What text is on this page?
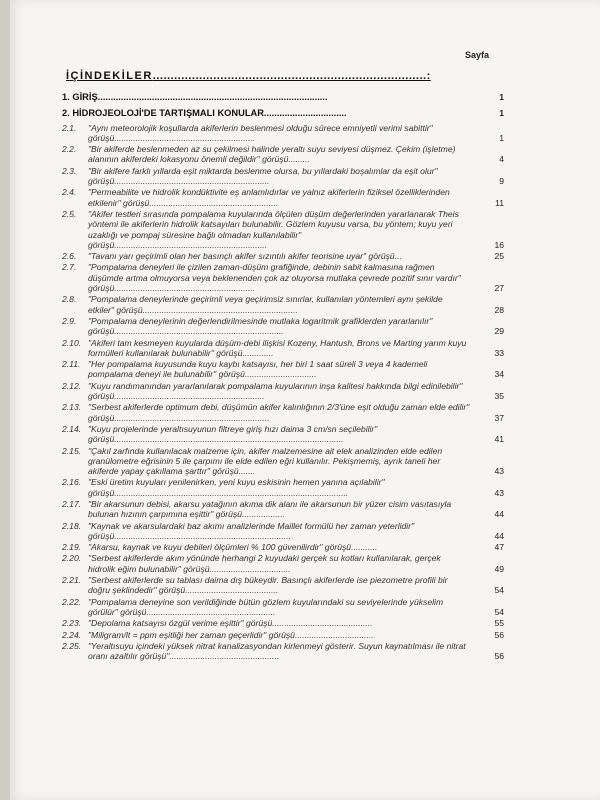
Sayfa
İÇİNDEKİLER.............................................................................:
1. GİRİŞ.........................................................................................	1
2. HİDROJEOLOJİ'DE TARTIŞMALI KONULAR................................	1
2.1.	"Aynı meteorolojik koşullarda akiferlerin beslenmesi olduğu sürece emniyetli verimi sabittir" görüşü...........................................................	1
2.2.	"Bir akiferde beslenmeden az su çekilmesi halinde yeraltı suyu seviyesi düşmez. Çekim (işletme) alanının akiferdeki lokasyonu önemli değildir" görüşü.........	4
2.3.	"Bir akifere farklı yıllarda eşit miktarda beslenme olursa, bu yıllardaki boşalımlar da eşit olur" görüşü.................................................................	9
2.4.	"Permeabilite ve hidrolik kondüktivite eş anlamlıdırlar ve yalnız akiferlerin fiziksel özelliklerinden etkilenir" görüşü......................................................	11
2.5.	"Akifer testleri sırasında pompalama kuyularında ölçülen düşüm değerlerinden yararlanarak Theis yöntemi ile akiferlerin hidrolik katsayıları bulunabilir. Gözlem kuyusu varsa, bu yöntem; kuyu yeri uzaklığı ve pompaj süresine bağlı olmadan kullanılabilir" görüşü................................................................	16
2.6.	"Tavanı yarı geçirimli olan her basınçlı akifer sızıntılı akifer teorisine uyar" görüşü...	25
2.7.	"Pompalama deneyleri ile çizilen zaman-düşüm grafiğinde, debinin sabit kalmasına rağmen düşümde artma olmuyorsa veya beklenenden çok az oluyorsa mutlaka çevrede pozitif sınır vardır" görüşü...........................................................	27
2.8.	"Pompalama deneylerinde geçirimli veya geçirimsiz sınırlar, kullanılan yöntemleri aynı şekilde etkiler" görüşü.................................................................	28
2.9.	"Pompalama deneylerinin değerlendirilmesinde mutlaka logaritmik grafiklerden yararlanılır" görüşü.......................................................................	29
2.10. "Akiferi tam kesmeyen kuyularda düşüm-debi ilişkisi Kozeny, Hantush, Brons ve Marting yarım kuyu formülleri kullanılarak bulunabilir" görüşü.............	33
2.11. "Her pompalama kuyusunda kuyu kaybı katsayısı, her biri 1 saat süreli 3 veya 4 kademeli pompalama deneyi ile bulunabilir" görüşü..............................	34
2.12. "Kuyu randımanından yararlanılarak pompalama kuyularının inşa kalitesi hakkında bilgi edinilebilir" görüşü...............................................................	35
2.13. "Serbest akiferlerde optimum debi, düşümün akifer kalınlığının 2/3'üne eşit olduğu zaman elde edilir" görüşü.................................................................	37
2.14. "Kuyu projelerinde yeraltısuyunun filtreye giriş hızı daima 3 cm/sn seçilebilir" görüşü................................................................................................	41
2.15. "Çakıl zarfında kullanılacak malzeme için, akifer malzemesine ait elek analizinden elde edilen granülometre eğrisinin 5 ile çarpımı ile elde edilen eğri kullanılır. Pekişmemiş, ayrık taneli her akiferde yapay çakıllama şarttır" görüşü.......	43
2.16. "Eski üretim kuyuları yenilenirken, yeni kuyu eskisinin hemen yanına açılabilir" görüşü..................................................................................................	43
2.17. "Bir akarsunun debisi, akarsu yatağının akıma dik alanı ile akarsunun bir yüzer cisim vasıtasıyla bulunan hızının çarpımına eşittir" görüşü..................	44
2.18. "Kaynak ve akarsulardaki baz akımı analizlerinde Maillet formülü her zaman yeterlidir" görüşü..........................................................................	44
2.19. "Akarsu, kaynak ve kuyu debileri ölçümleri % 100 güvenilirdir" görüşü...........	47
2.20. "Serbest akiferlerde akım yönünde herhangi 2 kuyudaki gerçek su kotları kullanılarak, gerçek hidrolik eğim bulunabilir" görüşü..................................	49
2.21. "Serbest akiferlerde su tablası daima dış bükeydir. Basınçlı akiferlerde ise piezometre profili bir doğru şeklindedir" görüşü.......................................	54
2.22. "Pompalama deneyine son verildiğinde bütün gözlem kuyularındaki su seviyelerinde yükselim görülür" görüşü......................................................	54
2.23. "Depolama katsayısı özgül verime eşittir" görüşü..........................................	55
2.24. "Miligram/lt = ppm eşitliği her zaman geçerlidir" görüşü.................................	56
2.25. "Yeraltısuyu içindeki yüksek nitrat kanalizasyondan kirlenmeyi gösterir. Suyun kaynatılması ile nitrat oranı azaltılır görüşü"..............................................	56
